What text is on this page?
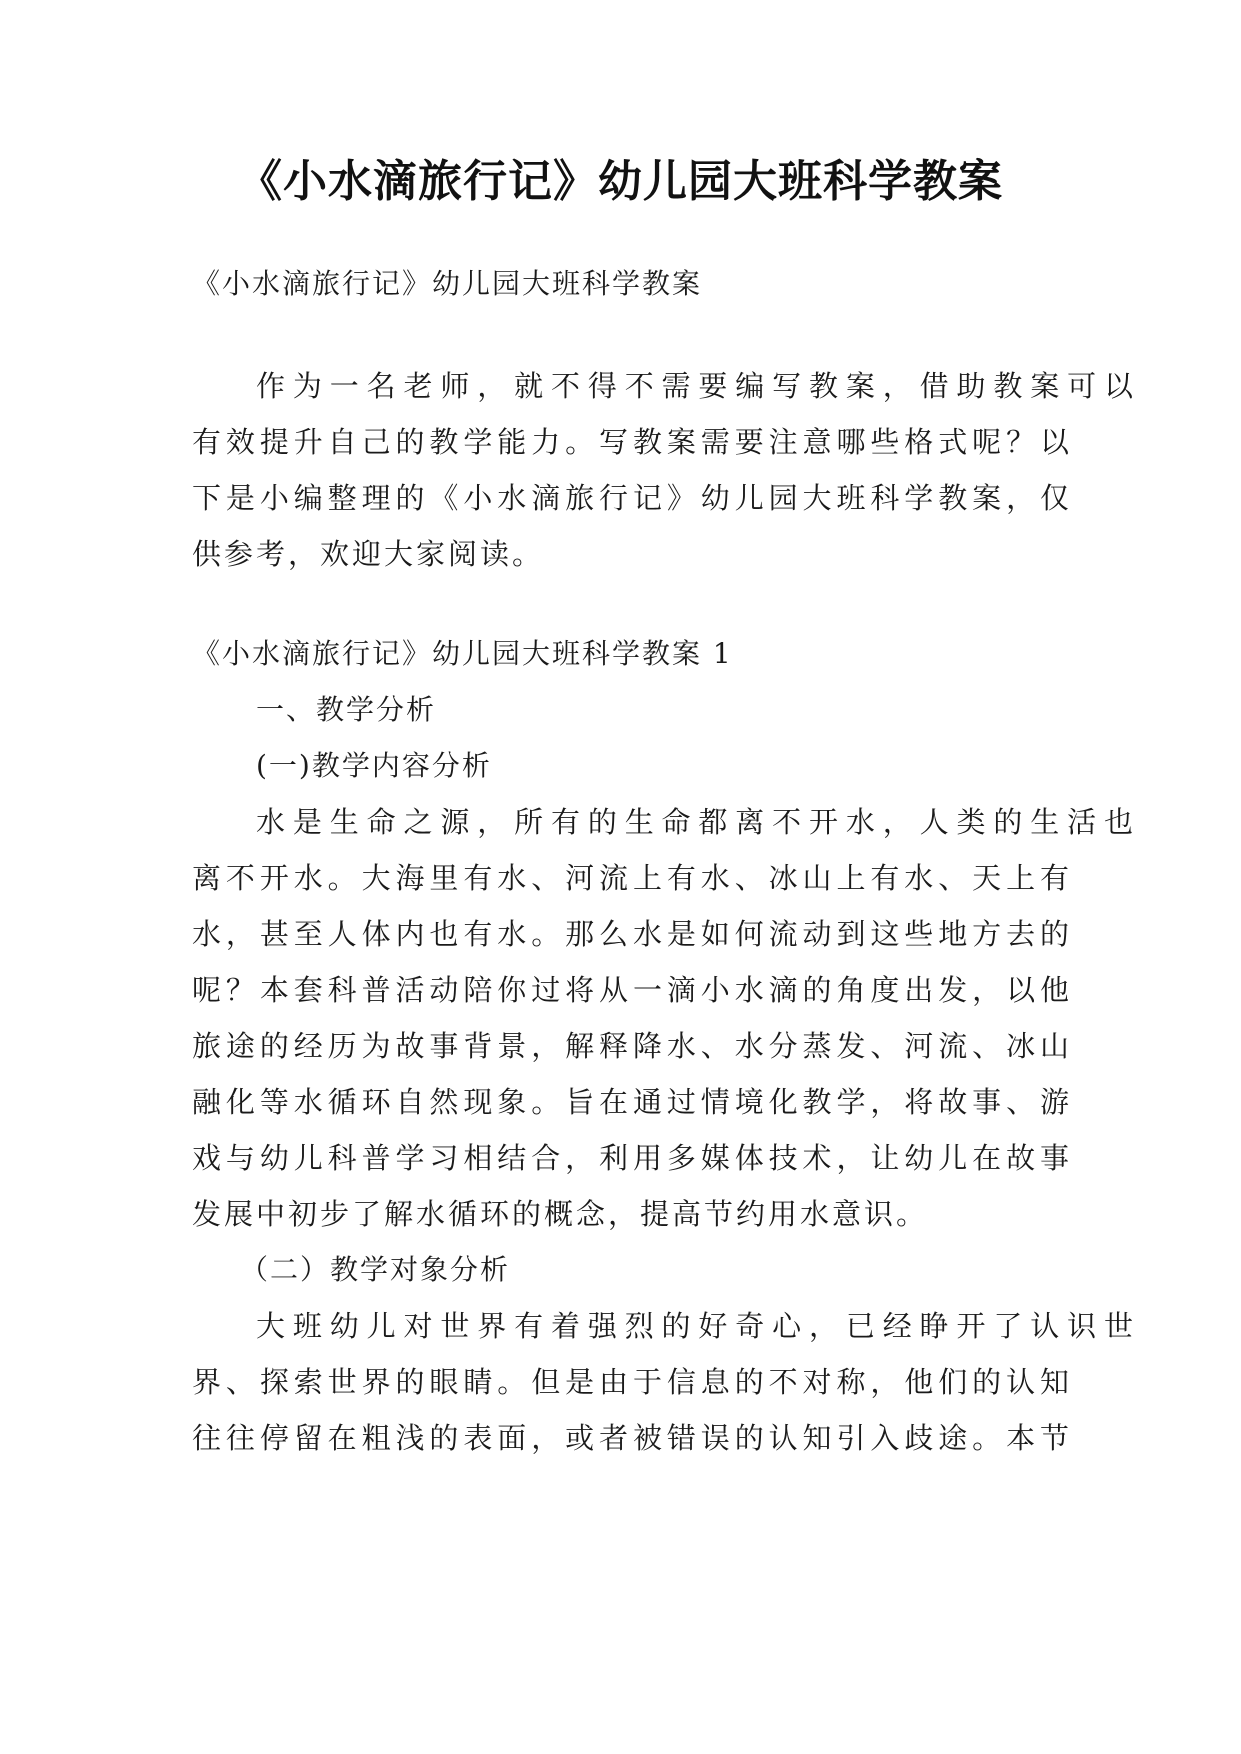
《小水滴旅行记》幼儿园大班科学教案

《小水滴旅行记》幼儿园大班科学教案

作为一名老师，就不得不需要编写教案，借助教案可以

有效提升自己的教学能力。写教案需要注意哪些格式呢？以

下是小编整理的《小水滴旅行记》幼儿园大班科学教案，仅

供参考，欢迎大家阅读。

《小水滴旅行记》幼儿园大班科学教案 1

一、教学分析

(一)教学内容分析

水是生命之源，所有的生命都离不开水，人类的生活也

离不开水。大海里有水、河流上有水、冰山上有水、天上有

水，甚至人体内也有水。那么水是如何流动到这些地方去的

呢？本套科普活动陪你过将从一滴小水滴的角度出发，以他

旅途的经历为故事背景，解释降水、水分蒸发、河流、冰山

融化等水循环自然现象。旨在通过情境化教学，将故事、游

戏与幼儿科普学习相结合，利用多媒体技术，让幼儿在故事

发展中初步了解水循环的概念，提高节约用水意识。

（二）教学对象分析

大班幼儿对世界有着强烈的好奇心，已经睁开了认识世

界、探索世界的眼睛。但是由于信息的不对称，他们的认知

往往停留在粗浅的表面，或者被错误的认知引入歧途。本节
